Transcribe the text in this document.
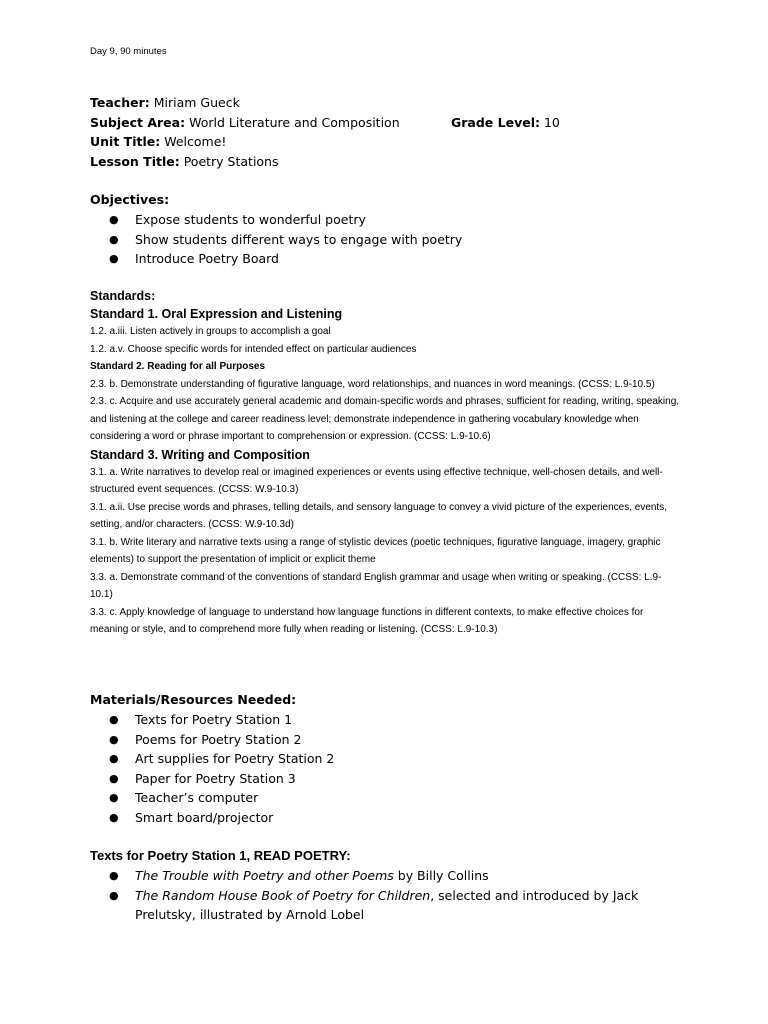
Day 9, 90 minutes
Teacher: Miriam Gueck
Subject Area: World Literature and Composition	Grade Level: 10
Unit Title: Welcome!
Lesson Title: Poetry Stations
Objectives:
● Expose students to wonderful poetry
● Show students different ways to engage with poetry
● Introduce Poetry Board
Standards:
Standard 1. Oral Expression and Listening
1.2. a.iii. Listen actively in groups to accomplish a goal
1.2. a.v. Choose specific words for intended effect on particular audiences
Standard 2. Reading for all Purposes
2.3. b. Demonstrate understanding of figurative language, word relationships, and nuances in word meanings. (CCSS: L.9-10.5)
2.3. c. Acquire and use accurately general academic and domain-specific words and phrases, sufficient for reading, writing, speaking, and listening at the college and career readiness level; demonstrate independence in gathering vocabulary knowledge when considering a word or phrase important to comprehension or expression. (CCSS: L.9-10.6)
Standard 3. Writing and Composition
3.1. a. Write narratives to develop real or imagined experiences or events using effective technique, well-chosen details, and well-structured event sequences. (CCSS: W.9-10.3)
3.1. a.ii. Use precise words and phrases, telling details, and sensory language to convey a vivid picture of the experiences, events, setting, and/or characters. (CCSS: W.9-10.3d)
3.1. b. Write literary and narrative texts using a range of stylistic devices (poetic techniques, figurative language, imagery, graphic elements) to support the presentation of implicit or explicit theme
3.3. a. Demonstrate command of the conventions of standard English grammar and usage when writing or speaking. (CCSS: L.9-10.1)
3.3. c. Apply knowledge of language to understand how language functions in different contexts, to make effective choices for meaning or style, and to comprehend more fully when reading or listening. (CCSS: L.9-10.3)
Materials/Resources Needed:
● Texts for Poetry Station 1
● Poems for Poetry Station 2
● Art supplies for Poetry Station 2
● Paper for Poetry Station 3
● Teacher’s computer
● Smart board/projector
Texts for Poetry Station 1, READ POETRY:
● The Trouble with Poetry and other Poems by Billy Collins
● The Random House Book of Poetry for Children, selected and introduced by Jack Prelutsky, illustrated by Arnold Lobel
